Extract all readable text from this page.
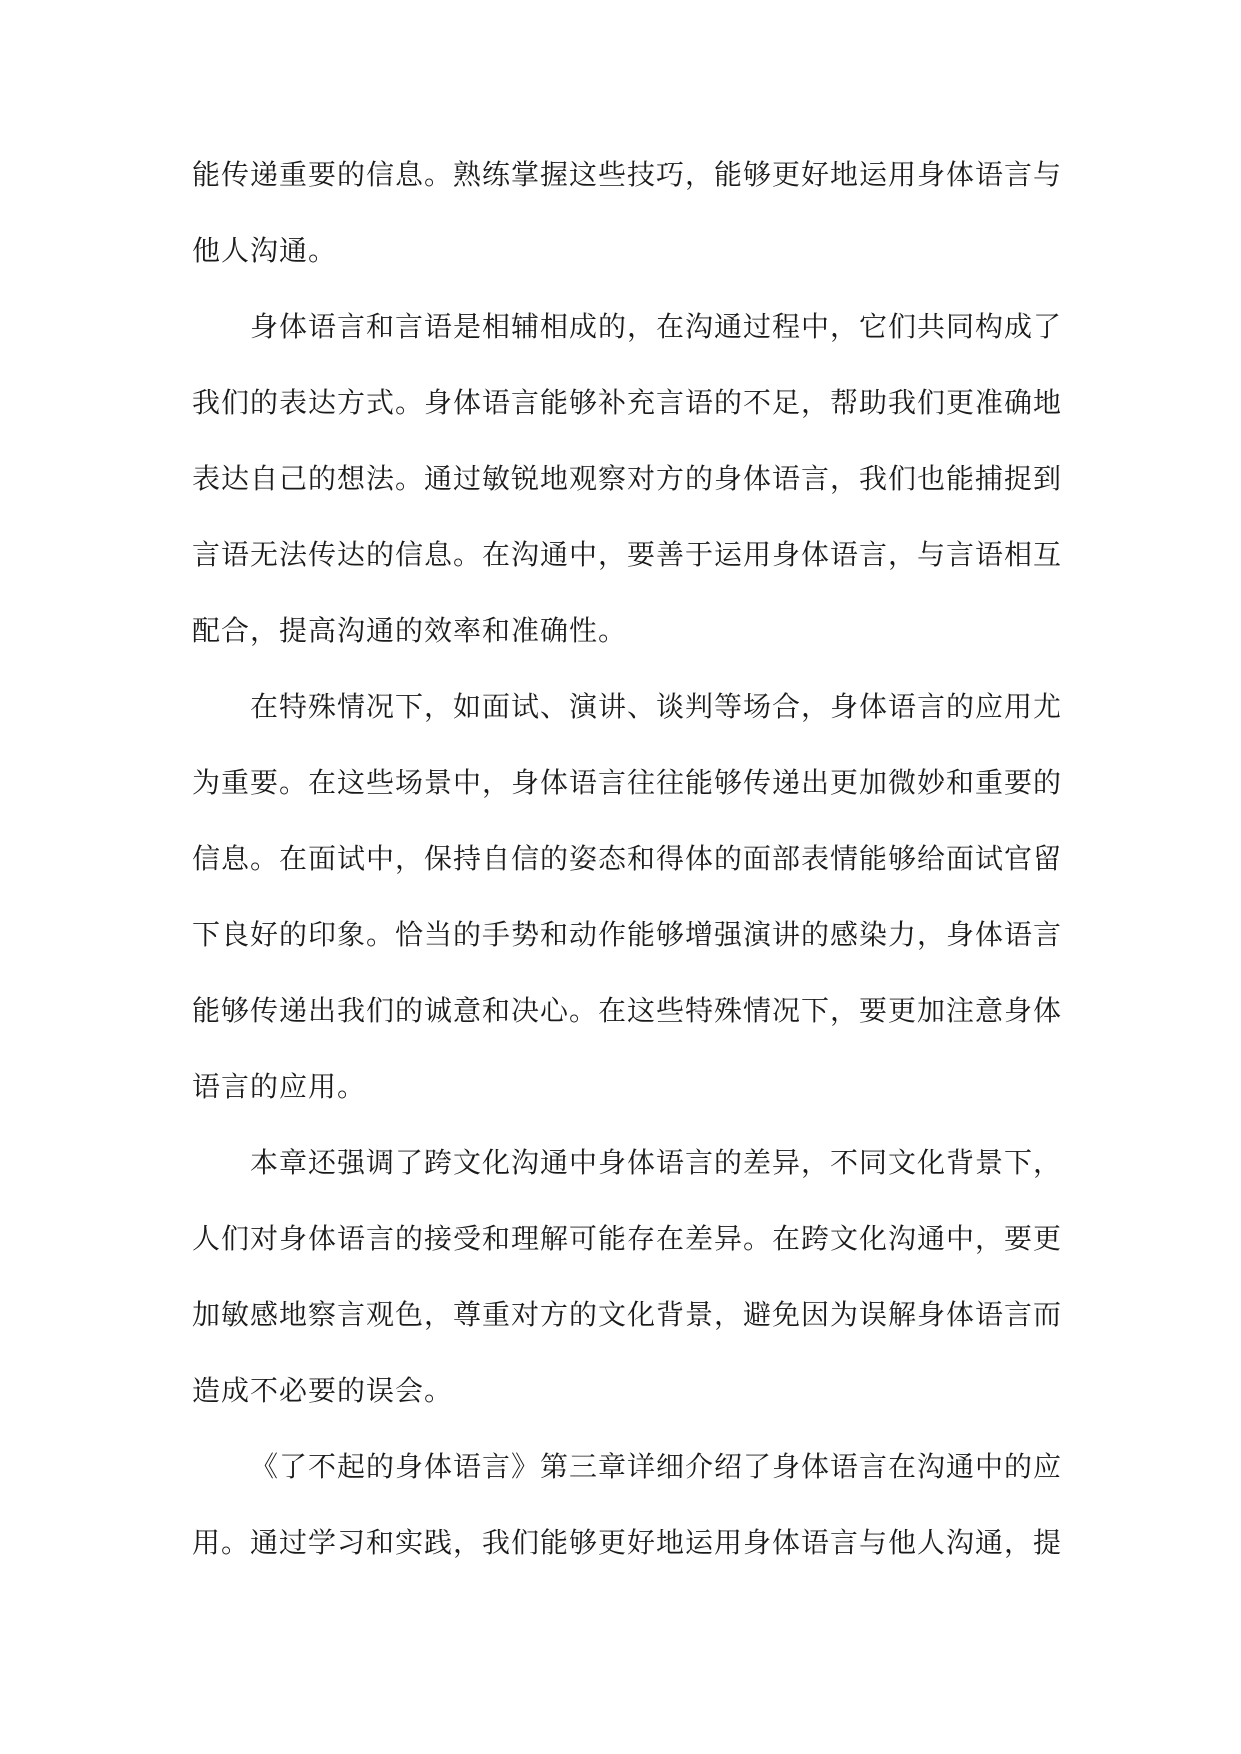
能传递重要的信息。熟练掌握这些技巧，能够更好地运用身体语言与
他人沟通。
身体语言和言语是相辅相成的，在沟通过程中，它们共同构成了
我们的表达方式。身体语言能够补充言语的不足，帮助我们更准确地
表达自己的想法。通过敏锐地观察对方的身体语言，我们也能捕捉到
言语无法传达的信息。在沟通中，要善于运用身体语言，与言语相互
配合，提高沟通的效率和准确性。
在特殊情况下，如面试、演讲、谈判等场合，身体语言的应用尤
为重要。在这些场景中，身体语言往往能够传递出更加微妙和重要的
信息。在面试中，保持自信的姿态和得体的面部表情能够给面试官留
下良好的印象。恰当的手势和动作能够增强演讲的感染力，身体语言
能够传递出我们的诚意和决心。在这些特殊情况下，要更加注意身体
语言的应用。
本章还强调了跨文化沟通中身体语言的差异，不同文化背景下，
人们对身体语言的接受和理解可能存在差异。在跨文化沟通中，要更
加敏感地察言观色，尊重对方的文化背景，避免因为误解身体语言而
造成不必要的误会。
《了不起的身体语言》第三章详细介绍了身体语言在沟通中的应
用。通过学习和实践，我们能够更好地运用身体语言与他人沟通，提
